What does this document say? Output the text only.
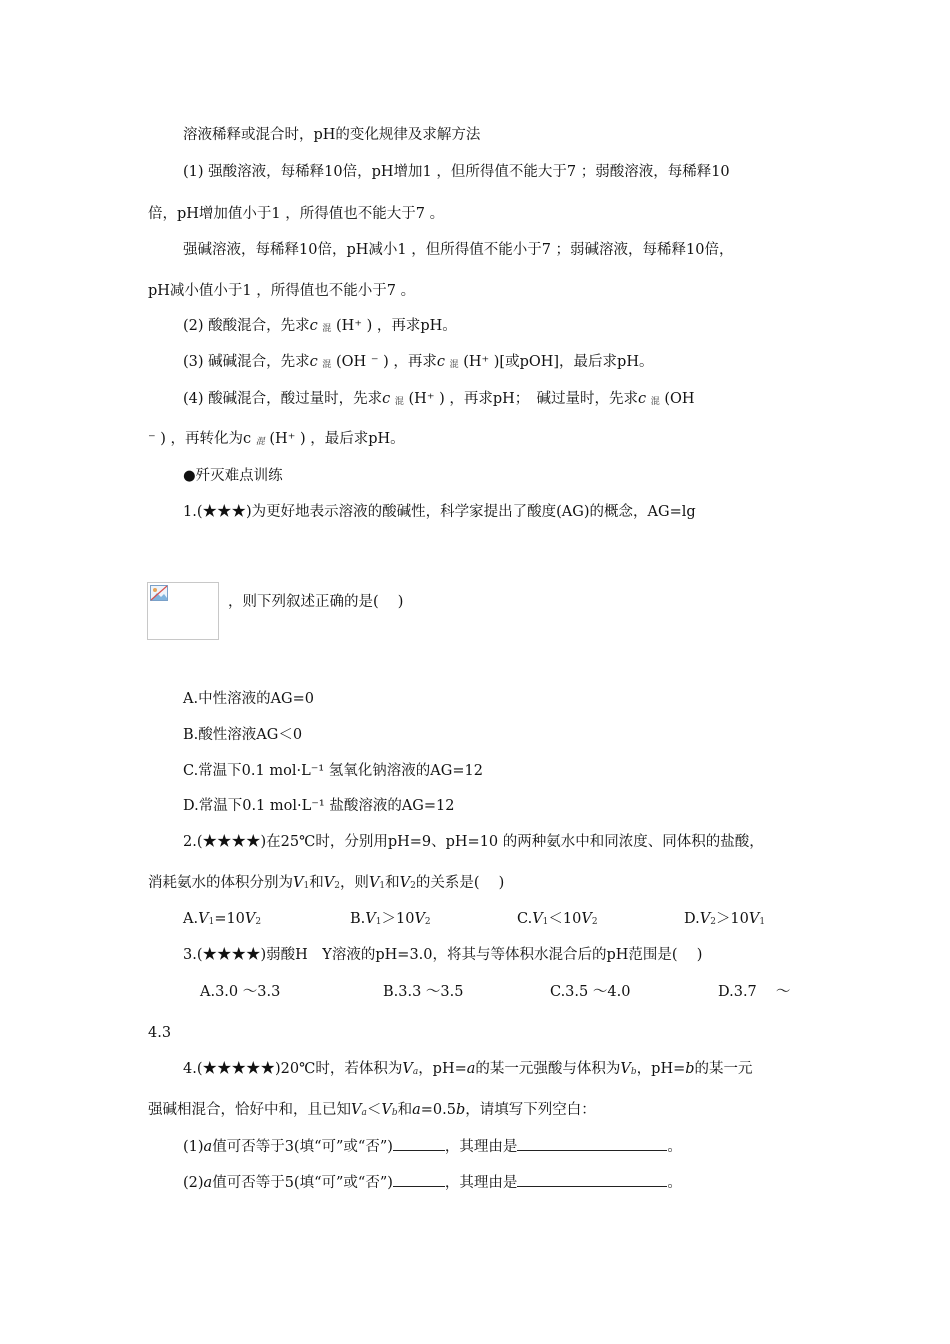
溶液稀释或混合时，pH的变化规律及求解方法
(1) 强酸溶液，每稀释10倍，pH增加1 ，但所得值不能大于7 ；弱酸溶液，每稀释10
倍，pH增加值小于1 ，所得值也不能大于7 。
强碱溶液，每稀释10倍，pH减小1 ，但所得值不能小于7 ；弱碱溶液，每稀释10倍，
pH减小值小于1 ，所得值也不能小于7 。
(2) 酸酸混合，先求c 混 (H⁺ ) ，再求pH。
(3) 碱碱混合，先求c 混 (OH ⁻ ) ，再求c 混 (H⁺ )[或pOH]，最后求pH。
(4) 酸碱混合，酸过量时，先求c 混 (H⁺ ) ，再求pH；　碱过量时，先求c 混 (OH
⁻ ) ，再转化为c 混 (H⁺ ) ，最后求pH。
●歼灭难点训练
1.(★★★)为更好地表示溶液的酸碱性，科学家提出了酸度(AG)的概念，AG=lg
，则下列叙述正确的是(　 )
A.中性溶液的AG=0
B.酸性溶液AG＜0
C.常温下0.1 mol·L⁻¹ 氢氧化钠溶液的AG=12
D.常温下0.1 mol·L⁻¹ 盐酸溶液的AG=12
2.(★★★★)在25℃时，分别用pH=9、pH=10 的两种氨水中和同浓度、同体积的盐酸，
消耗氨水的体积分别为V1和V2，则V1和V2的关系是(　 )
A.V1=10V2	B.V1＞10V2	C.V1＜10V2	D.V2＞10V1
3.(★★★★)弱酸H　Y溶液的pH=3.0，将其与等体积水混合后的pH范围是(　 )
A.3.0 ～3.3	B.3.3 ～3.5	C.3.5 ～4.0	D.3.7　 ～
4.3
4.(★★★★★)20℃时，若体积为Va，pH=a的某一元强酸与体积为Vb，pH=b的某一元
强碱相混合，恰好中和，且已知Va＜Vb和a=0.5b，请填写下列空白：
(1)a值可否等于3(填“可”或“否”)	，其理由是	。
(2)a值可否等于5(填“可”或“否”)	，其理由是	。
